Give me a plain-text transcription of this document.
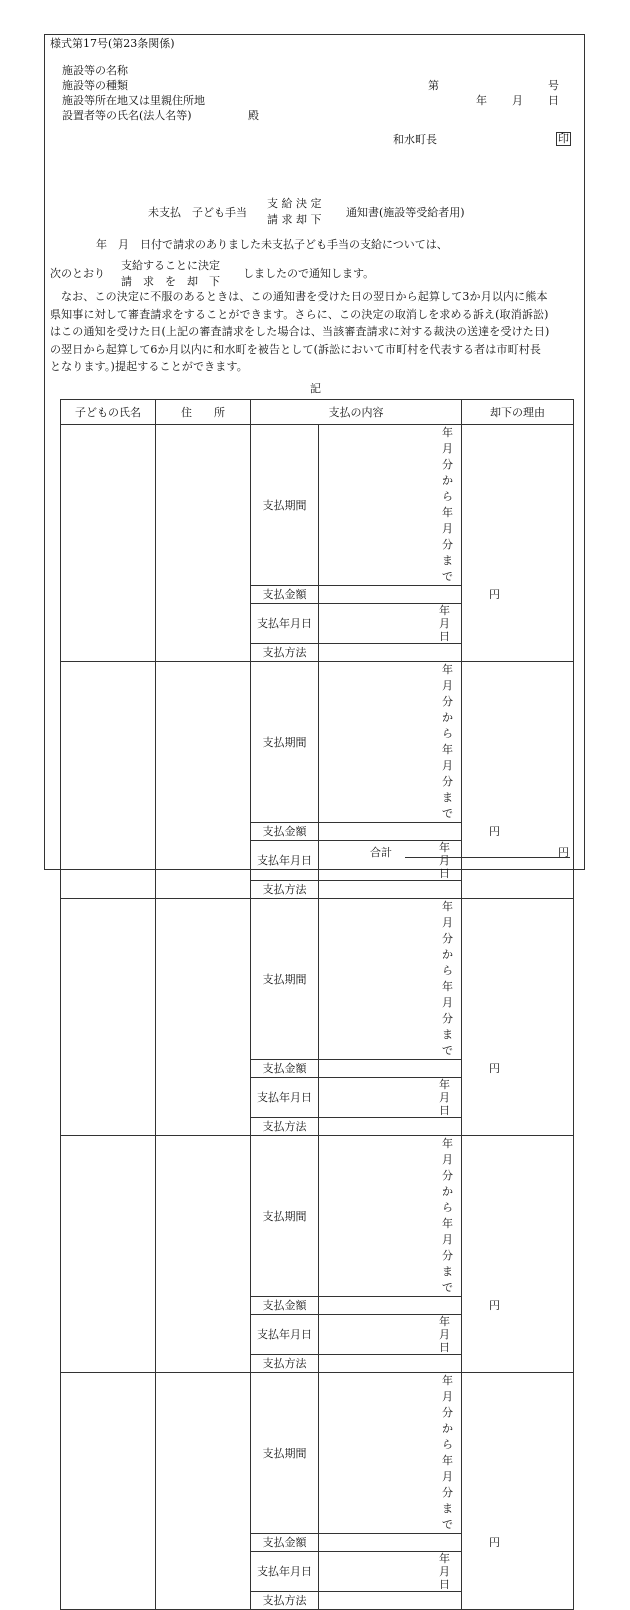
様式第17号(第23条関係)
施設等の名称
施設等の種類
施設等所在地又は里親住所地
設置者等の氏名(法人名等)	殿
第	号
年 月 日
和水町長	印
未支払　子ども手当
支 給 決 定
請 求 却 下
通知書(施設等受給者用)
年　月　日付で請求のありました未支払子ども手当の支給については、
次のとおり
支給することに決定
請　求　を　却　下
しましたので通知します。
なお、この決定に不服のあるときは、この通知書を受けた日の翌日から起算して3か月以内に熊本
県知事に対して審査請求をすることができます。さらに、この決定の取消しを求める訴え(取消訴訟)
はこの通知を受けた日(上記の審査請求をした場合は、当該審査請求に対する裁決の送達を受けた日)
の翌日から起算して6か月以内に和水町を被告として(訴訟において市町村を代表する者は市町村長
となります。)提起することができます。
記
子どもの氏名	住　　所	支払の内容		却下の理由
		支払期間	年　　月分から
年　　月分まで	

		支払金額	円	
		支払年月日	年　　　月　　　日	
		支払方法		
		支払期間	年　　月分から
年　　月分まで	

		支払金額	円	
		支払年月日	年　　　月　　　日	
		支払方法		
		支払期間	年　　月分から
年　　月分まで	

		支払金額	円	
		支払年月日	年　　　月　　　日	
		支払方法		
		支払期間	年　　月分から
年　　月分まで	

		支払金額	円	
		支払年月日	年　　　月　　　日	
		支払方法		
		支払期間	年　　月分から
年　　月分まで	

		支払金額	円	
		支払年月日	年　　　月　　　日	
		支払方法		
合計	円
